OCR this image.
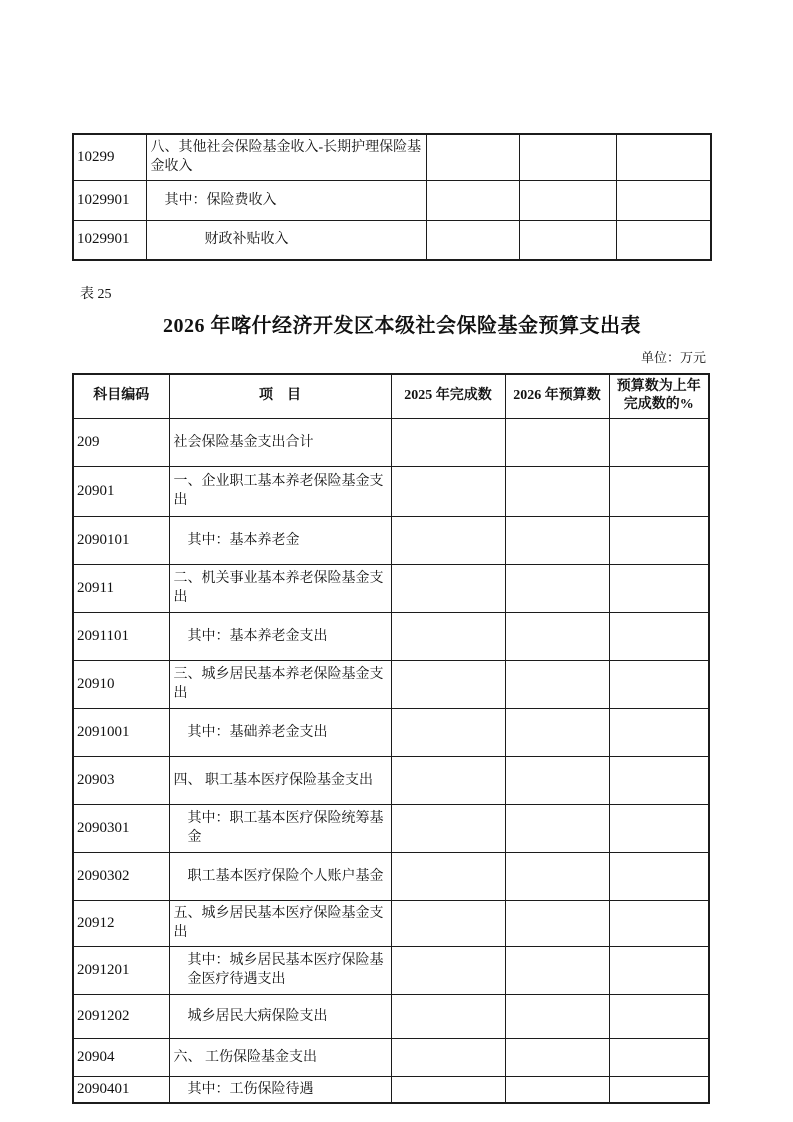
10299	八、其他社会保险基金收入-长期护理保险基金收入			
1029901	其中：保险费收入			
1029901	财政补贴收入			
表 25
2026 年喀什经济开发区本级社会保险基金预算支出表
单位：万元
科目编码	项　目	2025 年完成数	2026 年预算数	预算数为上年完成数的%
209	社会保险基金支出合计			
20901	一、企业职工基本养老保险基金支出			
2090101	其中：基本养老金			
20911	二、机关事业基本养老保险基金支出			
2091101	其中：基本养老金支出			
20910	三、城乡居民基本养老保险基金支出			
2091001	其中：基础养老金支出			
20903	四、 职工基本医疗保险基金支出			
2090301	其中：职工基本医疗保险统筹基金			
2090302	职工基本医疗保险个人账户基金			
20912	五、城乡居民基本医疗保险基金支出			
2091201	其中：城乡居民基本医疗保险基金医疗待遇支出			
2091202	城乡居民大病保险支出			
20904	六、 工伤保险基金支出			
2090401	其中：工伤保险待遇			
